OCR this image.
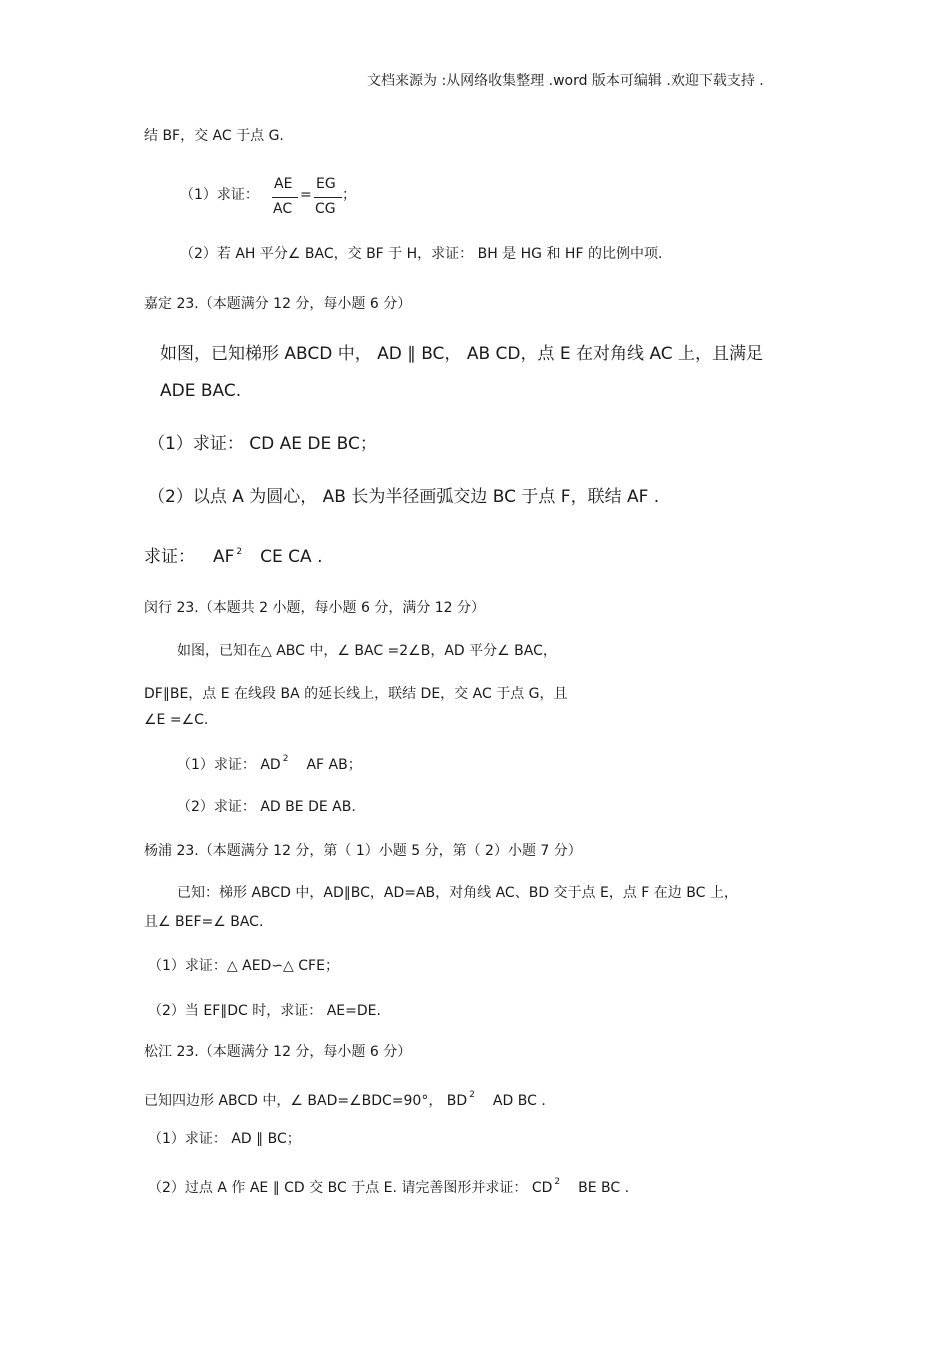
文档来源为 :从网络收集整理 .word 版本可编辑 .欢迎下载支持 .
结 BF，交 AC 于点 G.
（1）求证：
AE
AC
=
EG
CG
；
（2）若 AH 平分∠ BAC，交 BF 于 H，求证： BH 是 HG 和 HF 的比例中项.
嘉定 23.（本题满分 12 分，每小题 6 分）
如图，已知梯形 ABCD 中， AD ∥ BC， AB CD，点 E 在对角线 AC 上，且满足
ADE BAC.
（1）求证： CD AE DE BC；
（2）以点 A 为圆心， AB 长为半径画弧交边 BC 于点 F，联结 AF .
求证： AF $^2$ CE CA .
闵行 23.（本题共 2 小题，每小题 6 分，满分 12 分）
如图，已知在△ ABC 中，∠ BAC =2∠B，AD 平分∠ BAC，
DF∥BE，点 E 在线段 BA 的延长线上，联结 DE，交 AC 于点 G，且
∠E =∠C.
（1）求证： AD $^2$ AF AB；
（2）求证： AD BE DE AB.
杨浦 23.（本题满分 12 分，第（ 1）小题 5 分，第（ 2）小题 7 分）
已知：梯形 ABCD 中，AD∥BC，AD=AB，对角线 AC、BD 交于点 E，点 F 在边 BC 上，
且∠ BEF=∠ BAC.
（1）求证：△ AED∽△ CFE；
（2）当 EF∥DC 时，求证： AE=DE.
松江 23.（本题满分 12 分，每小题 6 分）
已知四边形 ABCD 中，∠ BAD=∠BDC=90°， BD $^2$ AD BC .
（1）求证： AD ∥ BC；
（2）过点 A 作 AE ∥ CD 交 BC 于点 E. 请完善图形并求证： CD $^2$ BE BC .
